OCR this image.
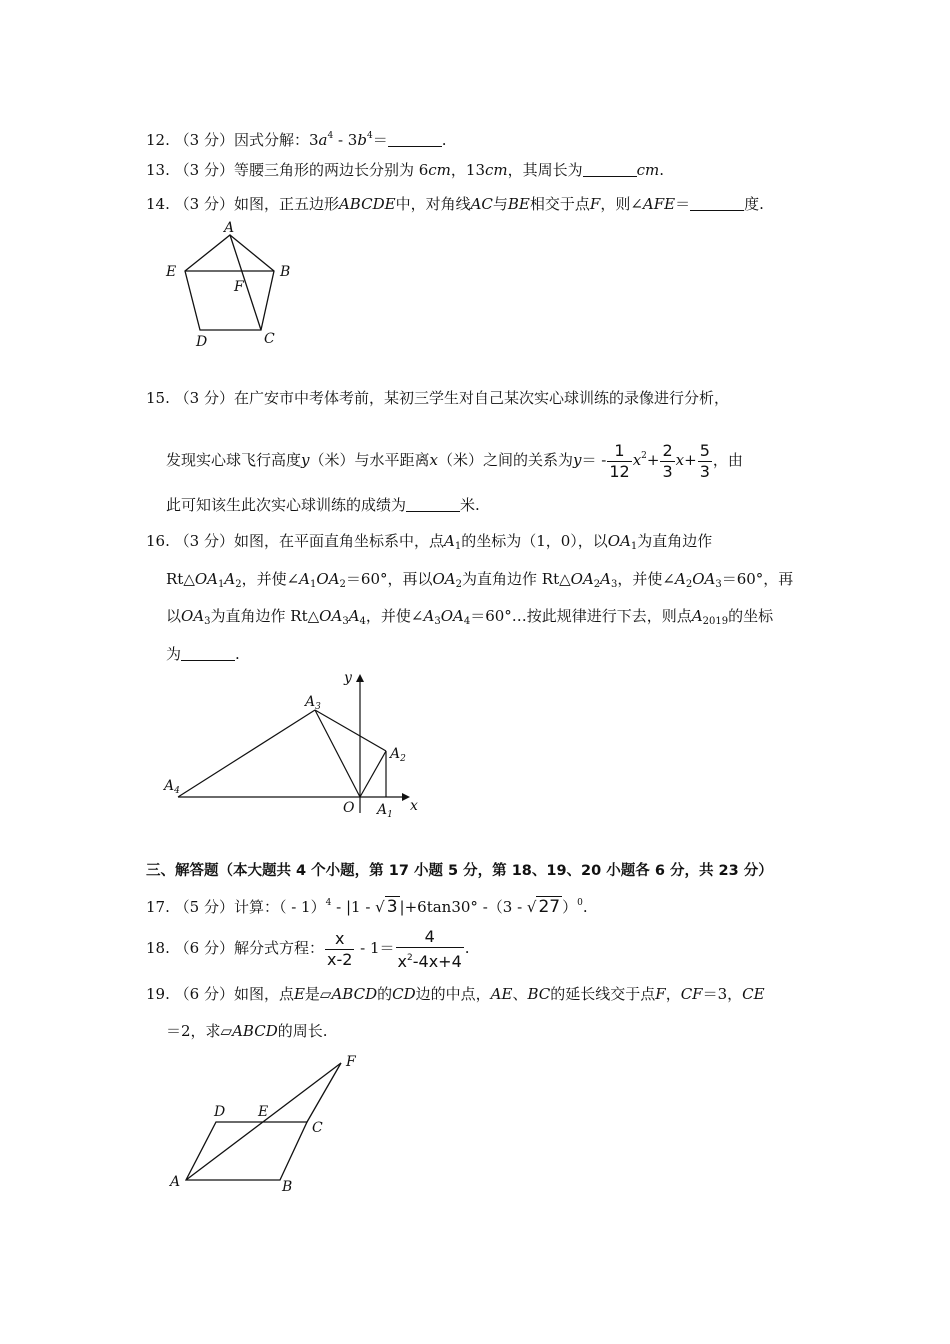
12. （3 分）因式分解：$3a^4 - 3b^4=$	.
13. （3 分）等腰三角形的两边长分别为 6cm，13cm，其周长为	cm.
14. （3 分）如图，正五边形ABCDE中，对角线AC与BE相交于点F，则∠AFE＝	度.
A
B
C
D
E
F
15. （3 分）在广安市中考体考前，某初三学生对自己某次实心球训练的录像进行分析，
发现实心球飞行高度y（米）与水平距离x（米）之间的关系为$y= - \frac{1}{12} x^2+ \frac{2}{3} x+ \frac{5}{3}$ ，由
此可知该生此次实心球训练的成绩为	米.
16. （3 分）如图，在平面直角坐标系中，点$A_1$的坐标为（1，0），以$OA_1$为直角边作
$Rt\triangle OA_1A_2$，并使$\angle A_1OA_2=60^\circ$，再以$OA_2$为直角边作 $Rt\triangle OA_2A_3$，并使$\angle A_2OA_3=60^\circ$，再
以$OA_3$为直角边作 $Rt\triangle OA_3A_4$，并使$\angle A_3OA_4=60^\circ\dots$按此规律进行下去，则点$A_{2019}$的坐标
为	.
y
x
O $A_1$
$A_2$
$A_3$
$A_4$
三、解答题（本大题共 4 个小题，第 17 小题 5 分，第 18、19、20 小题各 6 分，共 23 分）
17. （5 分）计算：（ - 1）$^4$ - |1 - √ 3 |+6tan30° -（3 - √ 27 ）$^0$.
18. （6 分）解分式方程： $\frac{x}{x-2} - 1= \frac{4}{x^2-4x+4}$ .
19. （6 分）如图，点E是▱ABCD的CD边的中点，AE、BC的延长线交于点F，CF＝3，CE
＝2，求▱ABCD的周长.
A	B
C
D E
F
